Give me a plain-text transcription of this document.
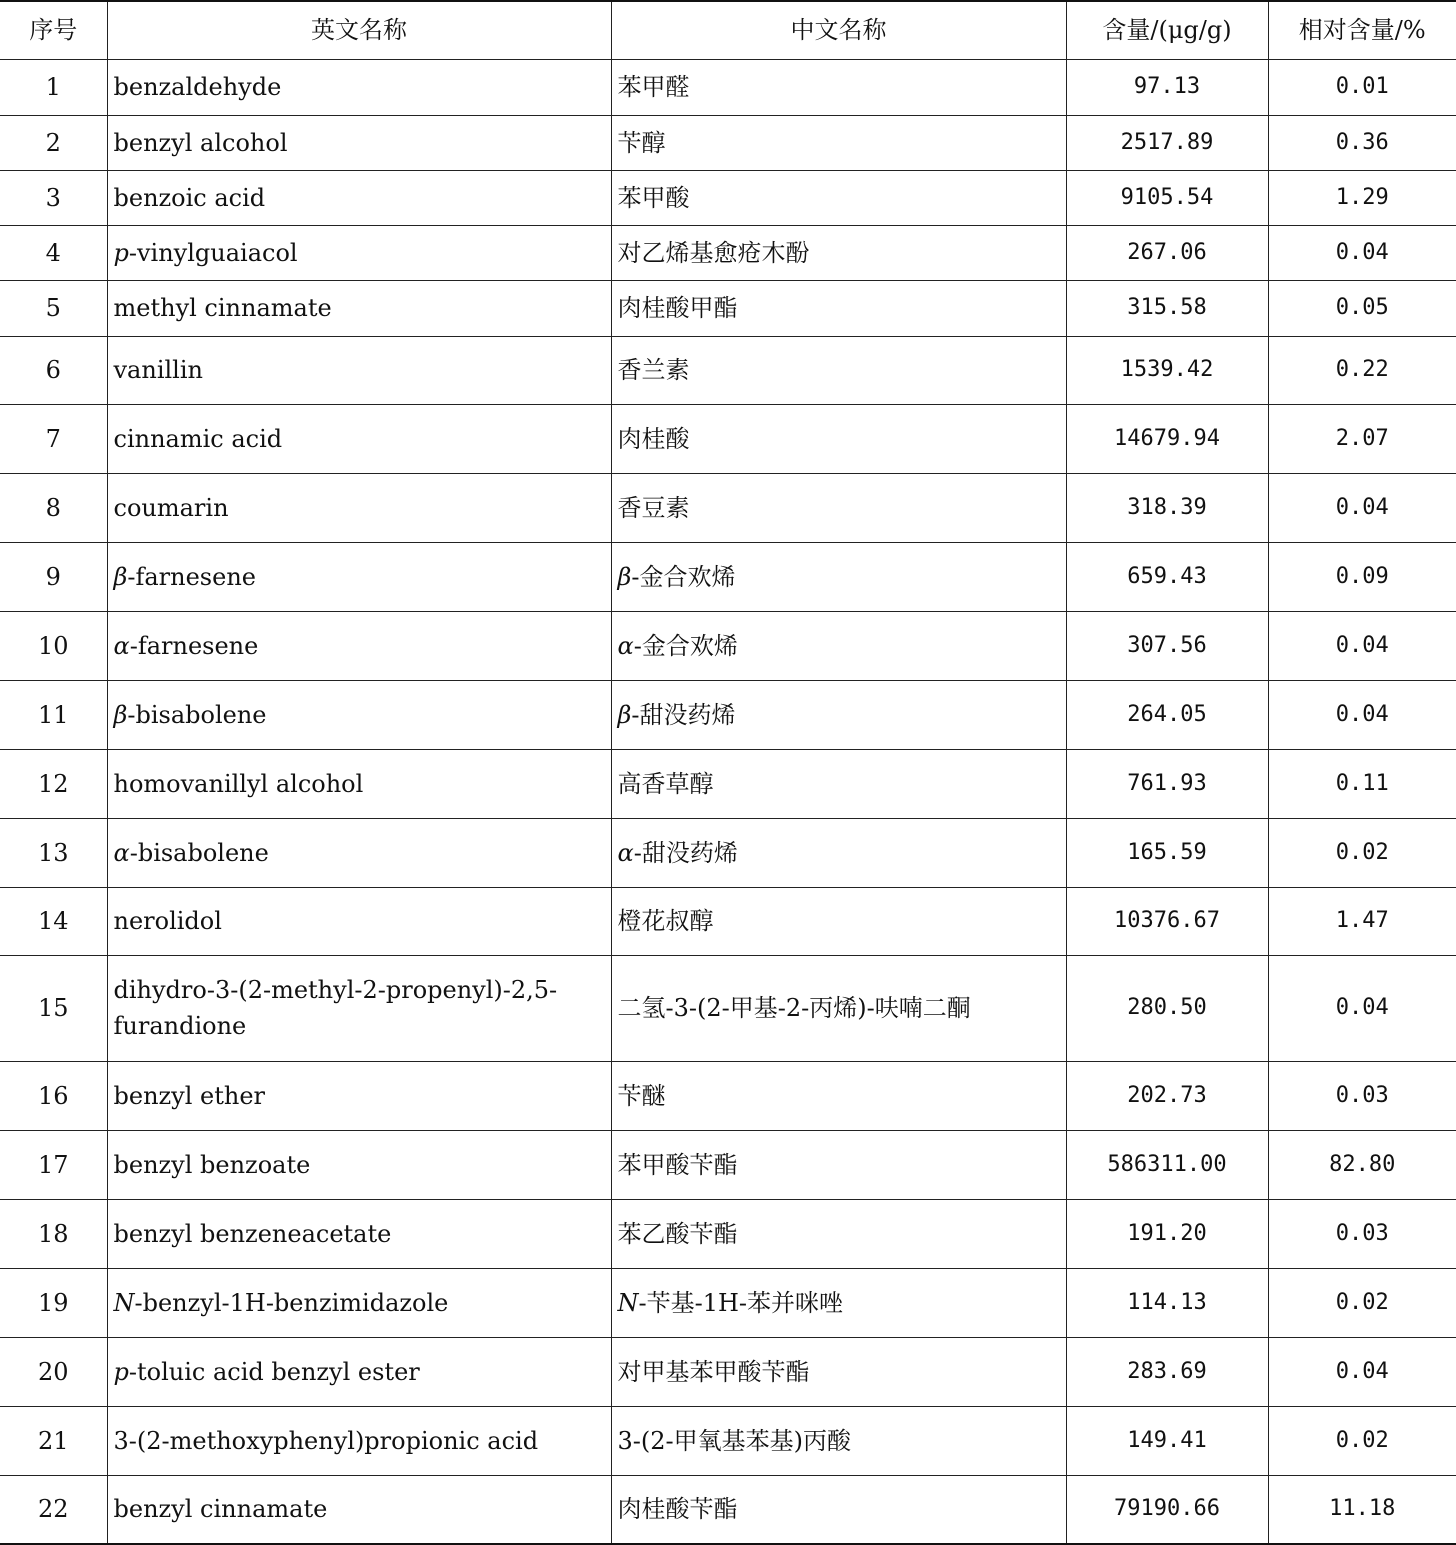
序号	英文名称	中文名称	含量/(μg/g)	相对含量/%
1	benzaldehyde	苯甲醛	97.13	0.01
2	benzyl alcohol	苄醇	2517.89	0.36
3	benzoic acid	苯甲酸	9105.54	1.29
4	p-vinylguaiacol	对乙烯基愈疮木酚	267.06	0.04
5	methyl cinnamate	肉桂酸甲酯	315.58	0.05
6	vanillin	香兰素	1539.42	0.22
7	cinnamic acid	肉桂酸	14679.94	2.07
8	coumarin	香豆素	318.39	0.04
9	β-farnesene	β-金合欢烯	659.43	0.09
10	α-farnesene	α-金合欢烯	307.56	0.04
11	β-bisabolene	β-甜没药烯	264.05	0.04
12	homovanillyl alcohol	高香草醇	761.93	0.11
13	α-bisabolene	α-甜没药烯	165.59	0.02
14	nerolidol	橙花叔醇	10376.67	1.47
15	dihydro-3-(2-methyl-2-propenyl)-2,5-furandione	二氢-3-(2-甲基-2-丙烯)-呋喃二酮	280.50	0.04
16	benzyl ether	苄醚	202.73	0.03
17	benzyl benzoate	苯甲酸苄酯	586311.00	82.80
18	benzyl benzeneacetate	苯乙酸苄酯	191.20	0.03
19	N-benzyl-1H-benzimidazole	N-苄基-1H-苯并咪唑	114.13	0.02
20	p-toluic acid benzyl ester	对甲基苯甲酸苄酯	283.69	0.04
21	3-(2-methoxyphenyl)propionic acid	3-(2-甲氧基苯基)丙酸	149.41	0.02
22	benzyl cinnamate	肉桂酸苄酯	79190.66	11.18
